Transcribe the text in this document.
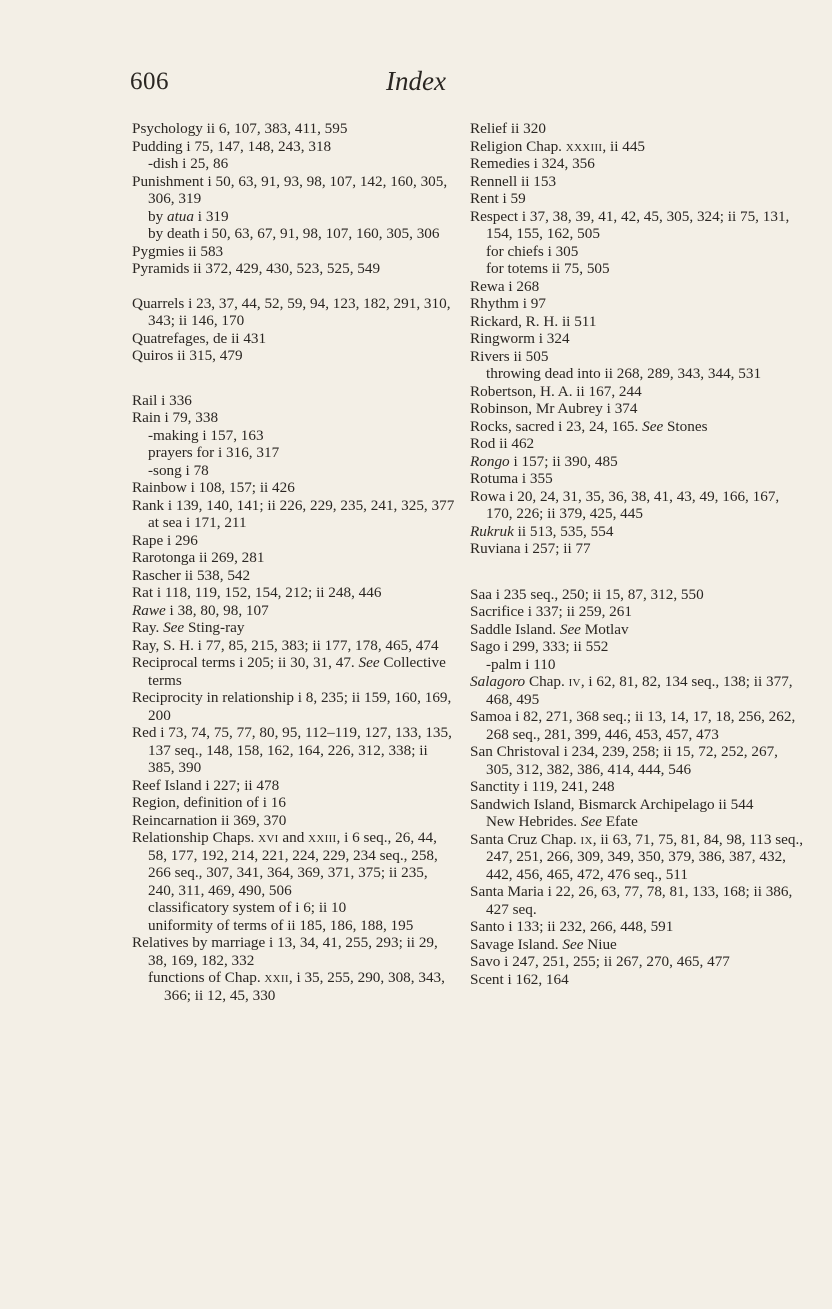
606	Index
Psychology ii 6, 107, 383, 411, 595
Pudding i 75, 147, 148, 243, 318
-dish i 25, 86
Punishment i 50, 63, 91, 93, 98, 107, 142, 160, 305, 306, 319
by atua i 319
by death i 50, 63, 67, 91, 98, 107, 160, 305, 306
Pygmies ii 583
Pyramids ii 372, 429, 430, 523, 525, 549
Quarrels i 23, 37, 44, 52, 59, 94, 123, 182, 291, 310, 343; ii 146, 170
Quatrefages, de ii 431
Quiros ii 315, 479
Rail i 336
Rain i 79, 338
-making i 157, 163
prayers for i 316, 317
-song i 78
Rainbow i 108, 157; ii 426
Rank i 139, 140, 141; ii 226, 229, 235, 241, 325, 377
at sea i 171, 211
Rape i 296
Rarotonga ii 269, 281
Rascher ii 538, 542
Rat i 118, 119, 152, 154, 212; ii 248, 446
Rawe i 38, 80, 98, 107
Ray. See Sting-ray
Ray, S. H. i 77, 85, 215, 383; ii 177, 178, 465, 474
Reciprocal terms i 205; ii 30, 31, 47. See Collective terms
Reciprocity in relationship i 8, 235; ii 159, 160, 169, 200
Red i 73, 74, 75, 77, 80, 95, 112–119, 127, 133, 135, 137 seq., 148, 158, 162, 164, 226, 312, 338; ii 385, 390
Reef Island i 227; ii 478
Region, definition of i 16
Reincarnation ii 369, 370
Relationship Chaps. xvi and xxiii, i 6 seq., 26, 44, 58, 177, 192, 214, 221, 224, 229, 234 seq., 258, 266 seq., 307, 341, 364, 369, 371, 375; ii 235, 240, 311, 469, 490, 506
classificatory system of i 6; ii 10
uniformity of terms of ii 185, 186, 188, 195
Relatives by marriage i 13, 34, 41, 255, 293; ii 29, 38, 169, 182, 332
functions of Chap. xxii, i 35, 255, 290, 308, 343, 366; ii 12, 45, 330
Relief ii 320
Religion Chap. xxxiii, ii 445
Remedies i 324, 356
Rennell ii 153
Rent i 59
Respect i 37, 38, 39, 41, 42, 45, 305, 324; ii 75, 131, 154, 155, 162, 505
for chiefs i 305
for totems ii 75, 505
Rewa i 268
Rhythm i 97
Rickard, R. H. ii 511
Ringworm i 324
Rivers ii 505
throwing dead into ii 268, 289, 343, 344, 531
Robertson, H. A. ii 167, 244
Robinson, Mr Aubrey i 374
Rocks, sacred i 23, 24, 165. See Stones
Rod ii 462
Rongo i 157; ii 390, 485
Rotuma i 355
Rowa i 20, 24, 31, 35, 36, 38, 41, 43, 49, 166, 167, 170, 226; ii 379, 425, 445
Rukruk ii 513, 535, 554
Ruviana i 257; ii 77
Saa i 235 seq., 250; ii 15, 87, 312, 550
Sacrifice i 337; ii 259, 261
Saddle Island. See Motlav
Sago i 299, 333; ii 552
-palm i 110
Salagoro Chap. iv, i 62, 81, 82, 134 seq., 138; ii 377, 468, 495
Samoa i 82, 271, 368 seq.; ii 13, 14, 17, 18, 256, 262, 268 seq., 281, 399, 446, 453, 457, 473
San Christoval i 234, 239, 258; ii 15, 72, 252, 267, 305, 312, 382, 386, 414, 444, 546
Sanctity i 119, 241, 248
Sandwich Island, Bismarck Archipelago ii 544
New Hebrides. See Efate
Santa Cruz Chap. ix, ii 63, 71, 75, 81, 84, 98, 113 seq., 247, 251, 266, 309, 349, 350, 379, 386, 387, 432, 442, 456, 465, 472, 476 seq., 511
Santa Maria i 22, 26, 63, 77, 78, 81, 133, 168; ii 386, 427 seq.
Santo i 133; ii 232, 266, 448, 591
Savage Island. See Niue
Savo i 247, 251, 255; ii 267, 270, 465, 477
Scent i 162, 164
